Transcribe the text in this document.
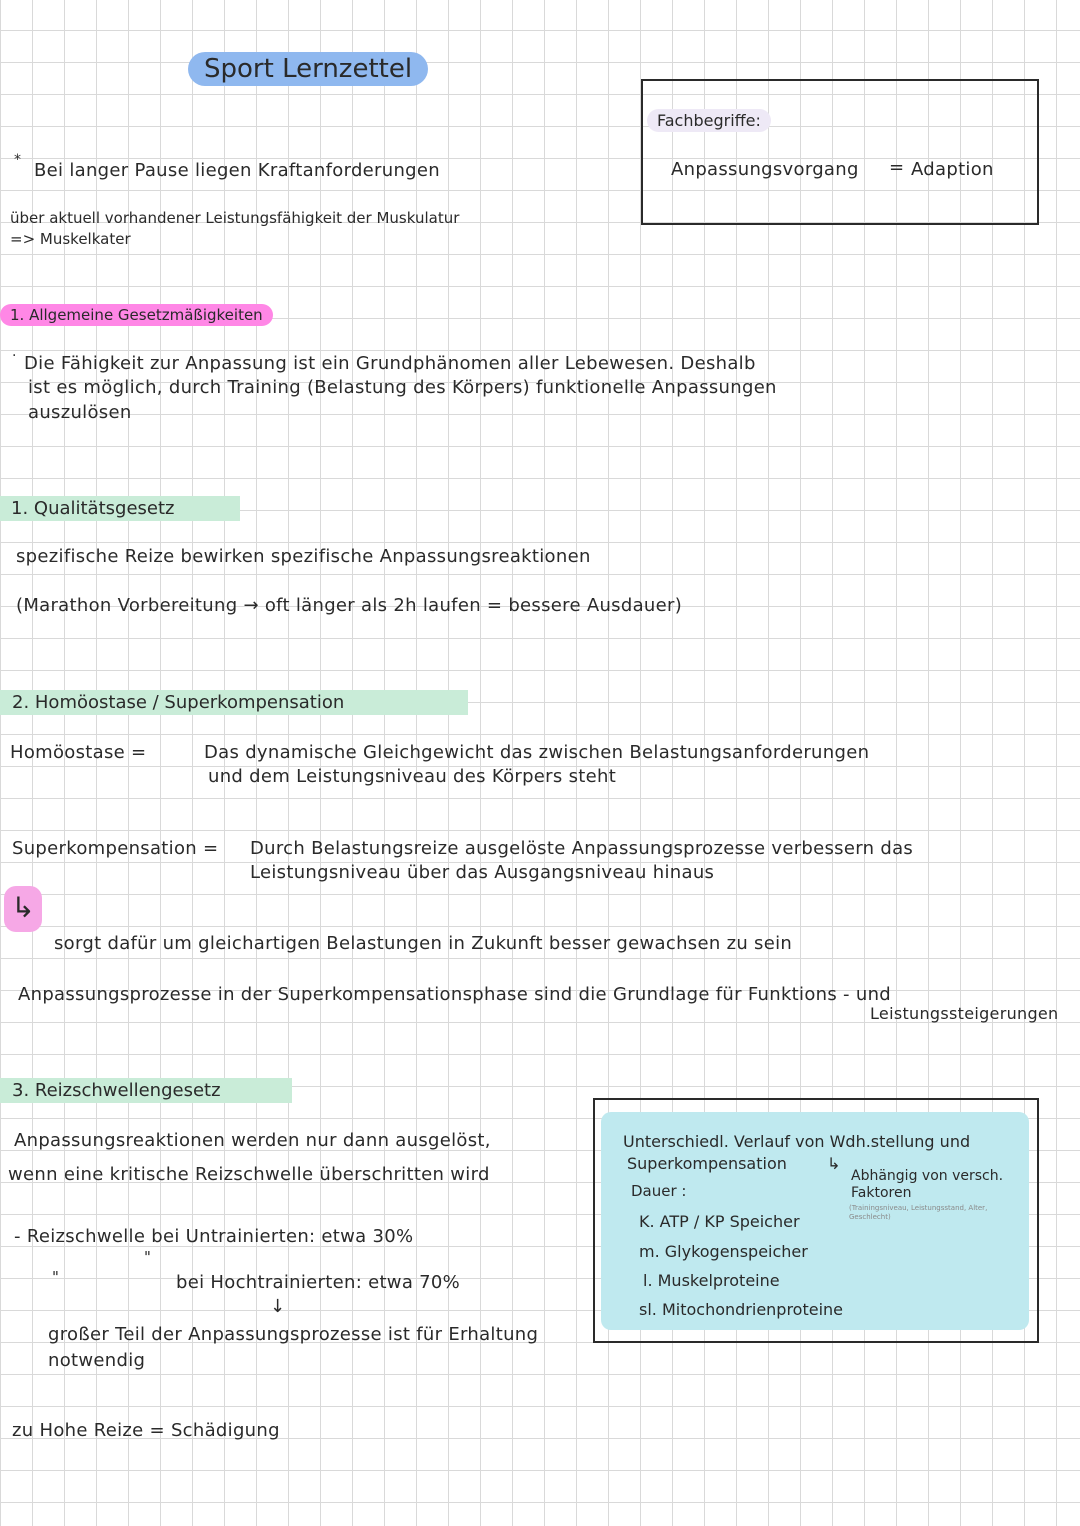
Sport Lernzettel
Fachbegriffe:
Anpassungsvorgang = Adaption
* Bei langer Pause liegen Kraftanforderungen
über aktuell vorhandener Leistungsfähigkeit der Muskulatur
=> Muskelkater
1. Allgemeine Gesetzmäßigkeiten
· Die Fähigkeit zur Anpassung ist ein Grundphänomen aller Lebewesen. Deshalb
ist es möglich, durch Training (Belastung des Körpers) funktionelle Anpassungen
auszulösen
1. Qualitätsgesetz
spezifische Reize bewirken spezifische Anpassungsreaktionen
(Marathon Vorbereitung → oft länger als 2h laufen = bessere Ausdauer)
2. Homöostase / Superkompensation
Homöostase =	Das dynamische Gleichgewicht das zwischen Belastungsanforderungen
und dem Leistungsniveau des Körpers steht
Superkompensation = Durch Belastungsreize ausgelöste Anpassungsprozesse verbessern das
Leistungsniveau über das Ausgangsniveau hinaus
↳
sorgt dafür um gleichartigen Belastungen in Zukunft besser gewachsen zu sein
Anpassungsprozesse in der Superkompensationsphase sind die Grundlage für Funktions - und
Leistungssteigerungen
3. Reizschwellengesetz
Anpassungsreaktionen werden nur dann ausgelöst,
wenn eine kritische Reizschwelle überschritten wird
- Reizschwelle bei Untrainierten: etwa 30%
"
"	bei Hochtrainierten: etwa 70%
↓
großer Teil der Anpassungsprozesse ist für Erhaltung
notwendig
zu Hohe Reize = Schädigung
Unterschiedl. Verlauf von Wdh.stellung und
Superkompensation	↳
Abhängig von versch.
Faktoren
(Trainingsniveau, Leistungsstand, Alter, Geschlecht)
Dauer :
K. ATP / KP Speicher
m. Glykogenspeicher
l. Muskelproteine
sl. Mitochondrienproteine
